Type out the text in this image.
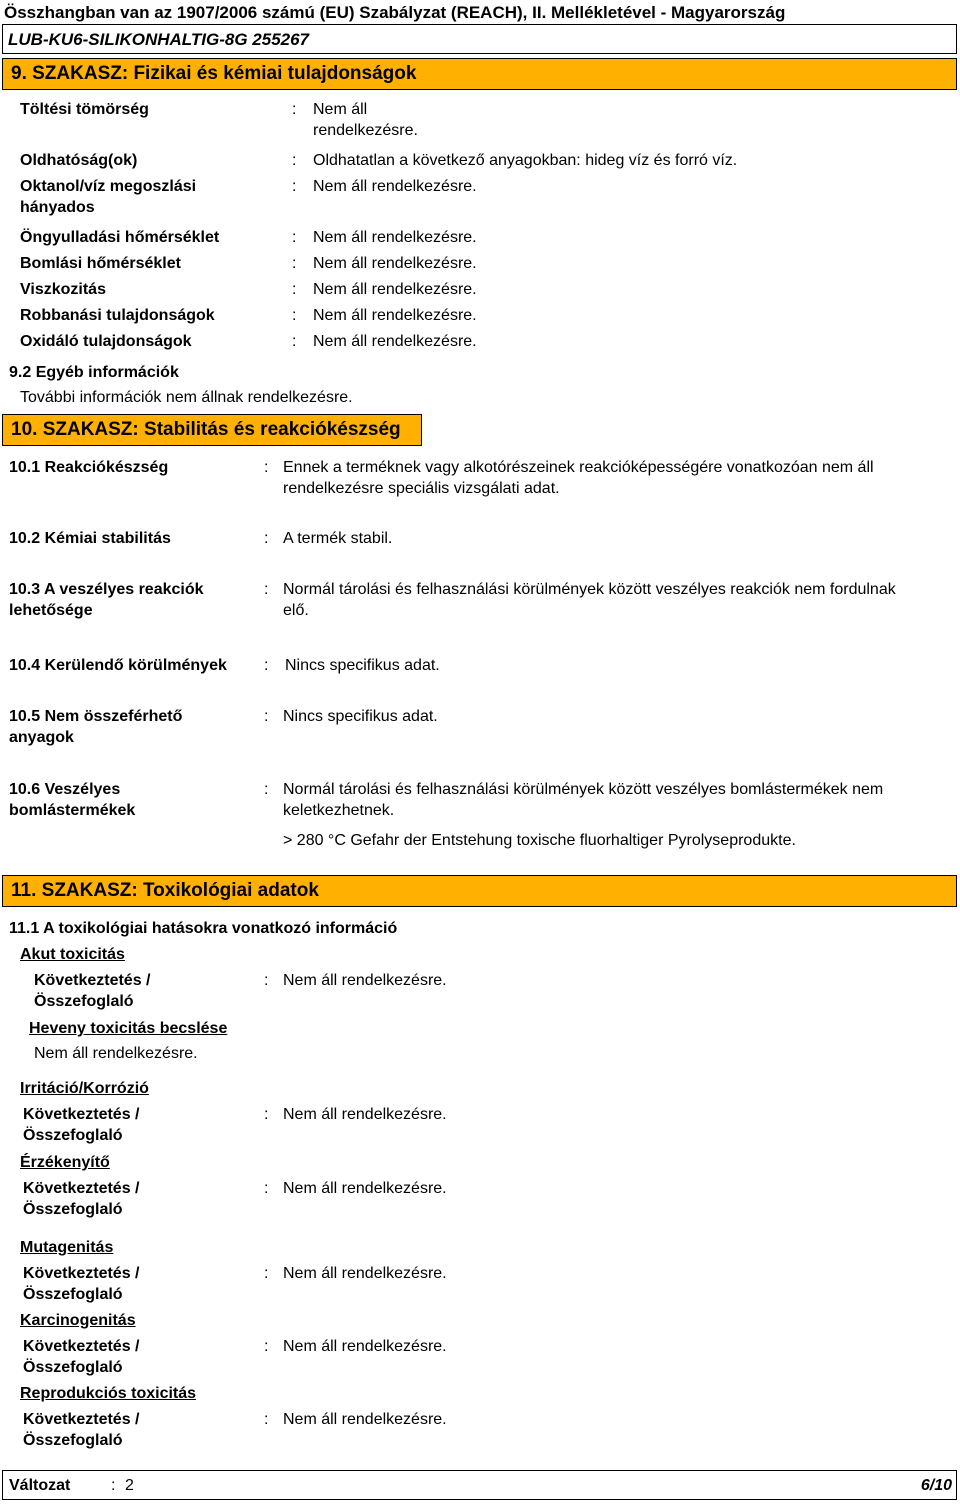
Összhangban van az 1907/2006 számú (EU) Szabályzat (REACH), II. Mellékletével - Magyarország
LUB-KU6-SILIKONHALTIG-8G 255267
9. SZAKASZ: Fizikai és kémiai tulajdonságok
Töltési tömörség	: Nem áll rendelkezésre.
Oldhatóság(ok)	: Oldhatatlan a következő anyagokban: hideg víz és forró víz.
Oktanol/víz megoszlási hányados
: Nem áll rendelkezésre.
Öngyulladási hőmérséklet	: Nem áll rendelkezésre.
Bomlási hőmérséklet	: Nem áll rendelkezésre.
Viszkozitás	: Nem áll rendelkezésre.
Robbanási tulajdonságok	: Nem áll rendelkezésre.
Oxidáló tulajdonságok	: Nem áll rendelkezésre.
9.2 Egyéb információk
További információk nem állnak rendelkezésre.
10. SZAKASZ: Stabilitás és reakciókészség
10.1 Reakciókészség	: Ennek a terméknek vagy alkotórészeinek reakcióképességére vonatkozóan nem áll rendelkezésre speciális vizsgálati adat.
10.2 Kémiai stabilitás	: A termék stabil.
10.3 A veszélyes reakciók lehetősége
: Normál tárolási és felhasználási körülmények között veszélyes reakciók nem fordulnak elő.
10.4 Kerülendő körülmények : Nincs specifikus adat.
10.5 Nem összeférhető anyagok
: Nincs specifikus adat.
10.6 Veszélyes bomlástermékek
: Normál tárolási és felhasználási körülmények között veszélyes bomlástermékek nem keletkezhetnek.
> 280 °C Gefahr der Entstehung toxische fluorhaltiger Pyrolyseprodukte.
11. SZAKASZ: Toxikológiai adatok
11.1 A toxikológiai hatásokra vonatkozó információ
Akut toxicitás
Következtetés / Összefoglaló
: Nem áll rendelkezésre.
Heveny toxicitás becslése
Nem áll rendelkezésre.
Irritáció/Korrózió
Következtetés / Összefoglaló
: Nem áll rendelkezésre.
Érzékenyítő
Következtetés / Összefoglaló
: Nem áll rendelkezésre.
Mutagenitás
Következtetés / Összefoglaló
: Nem áll rendelkezésre.
Karcinogenitás
Következtetés / Összefoglaló
: Nem áll rendelkezésre.
Reprodukciós toxicitás
Következtetés / Összefoglaló
: Nem áll rendelkezésre.
Változat	: 2	6/10
